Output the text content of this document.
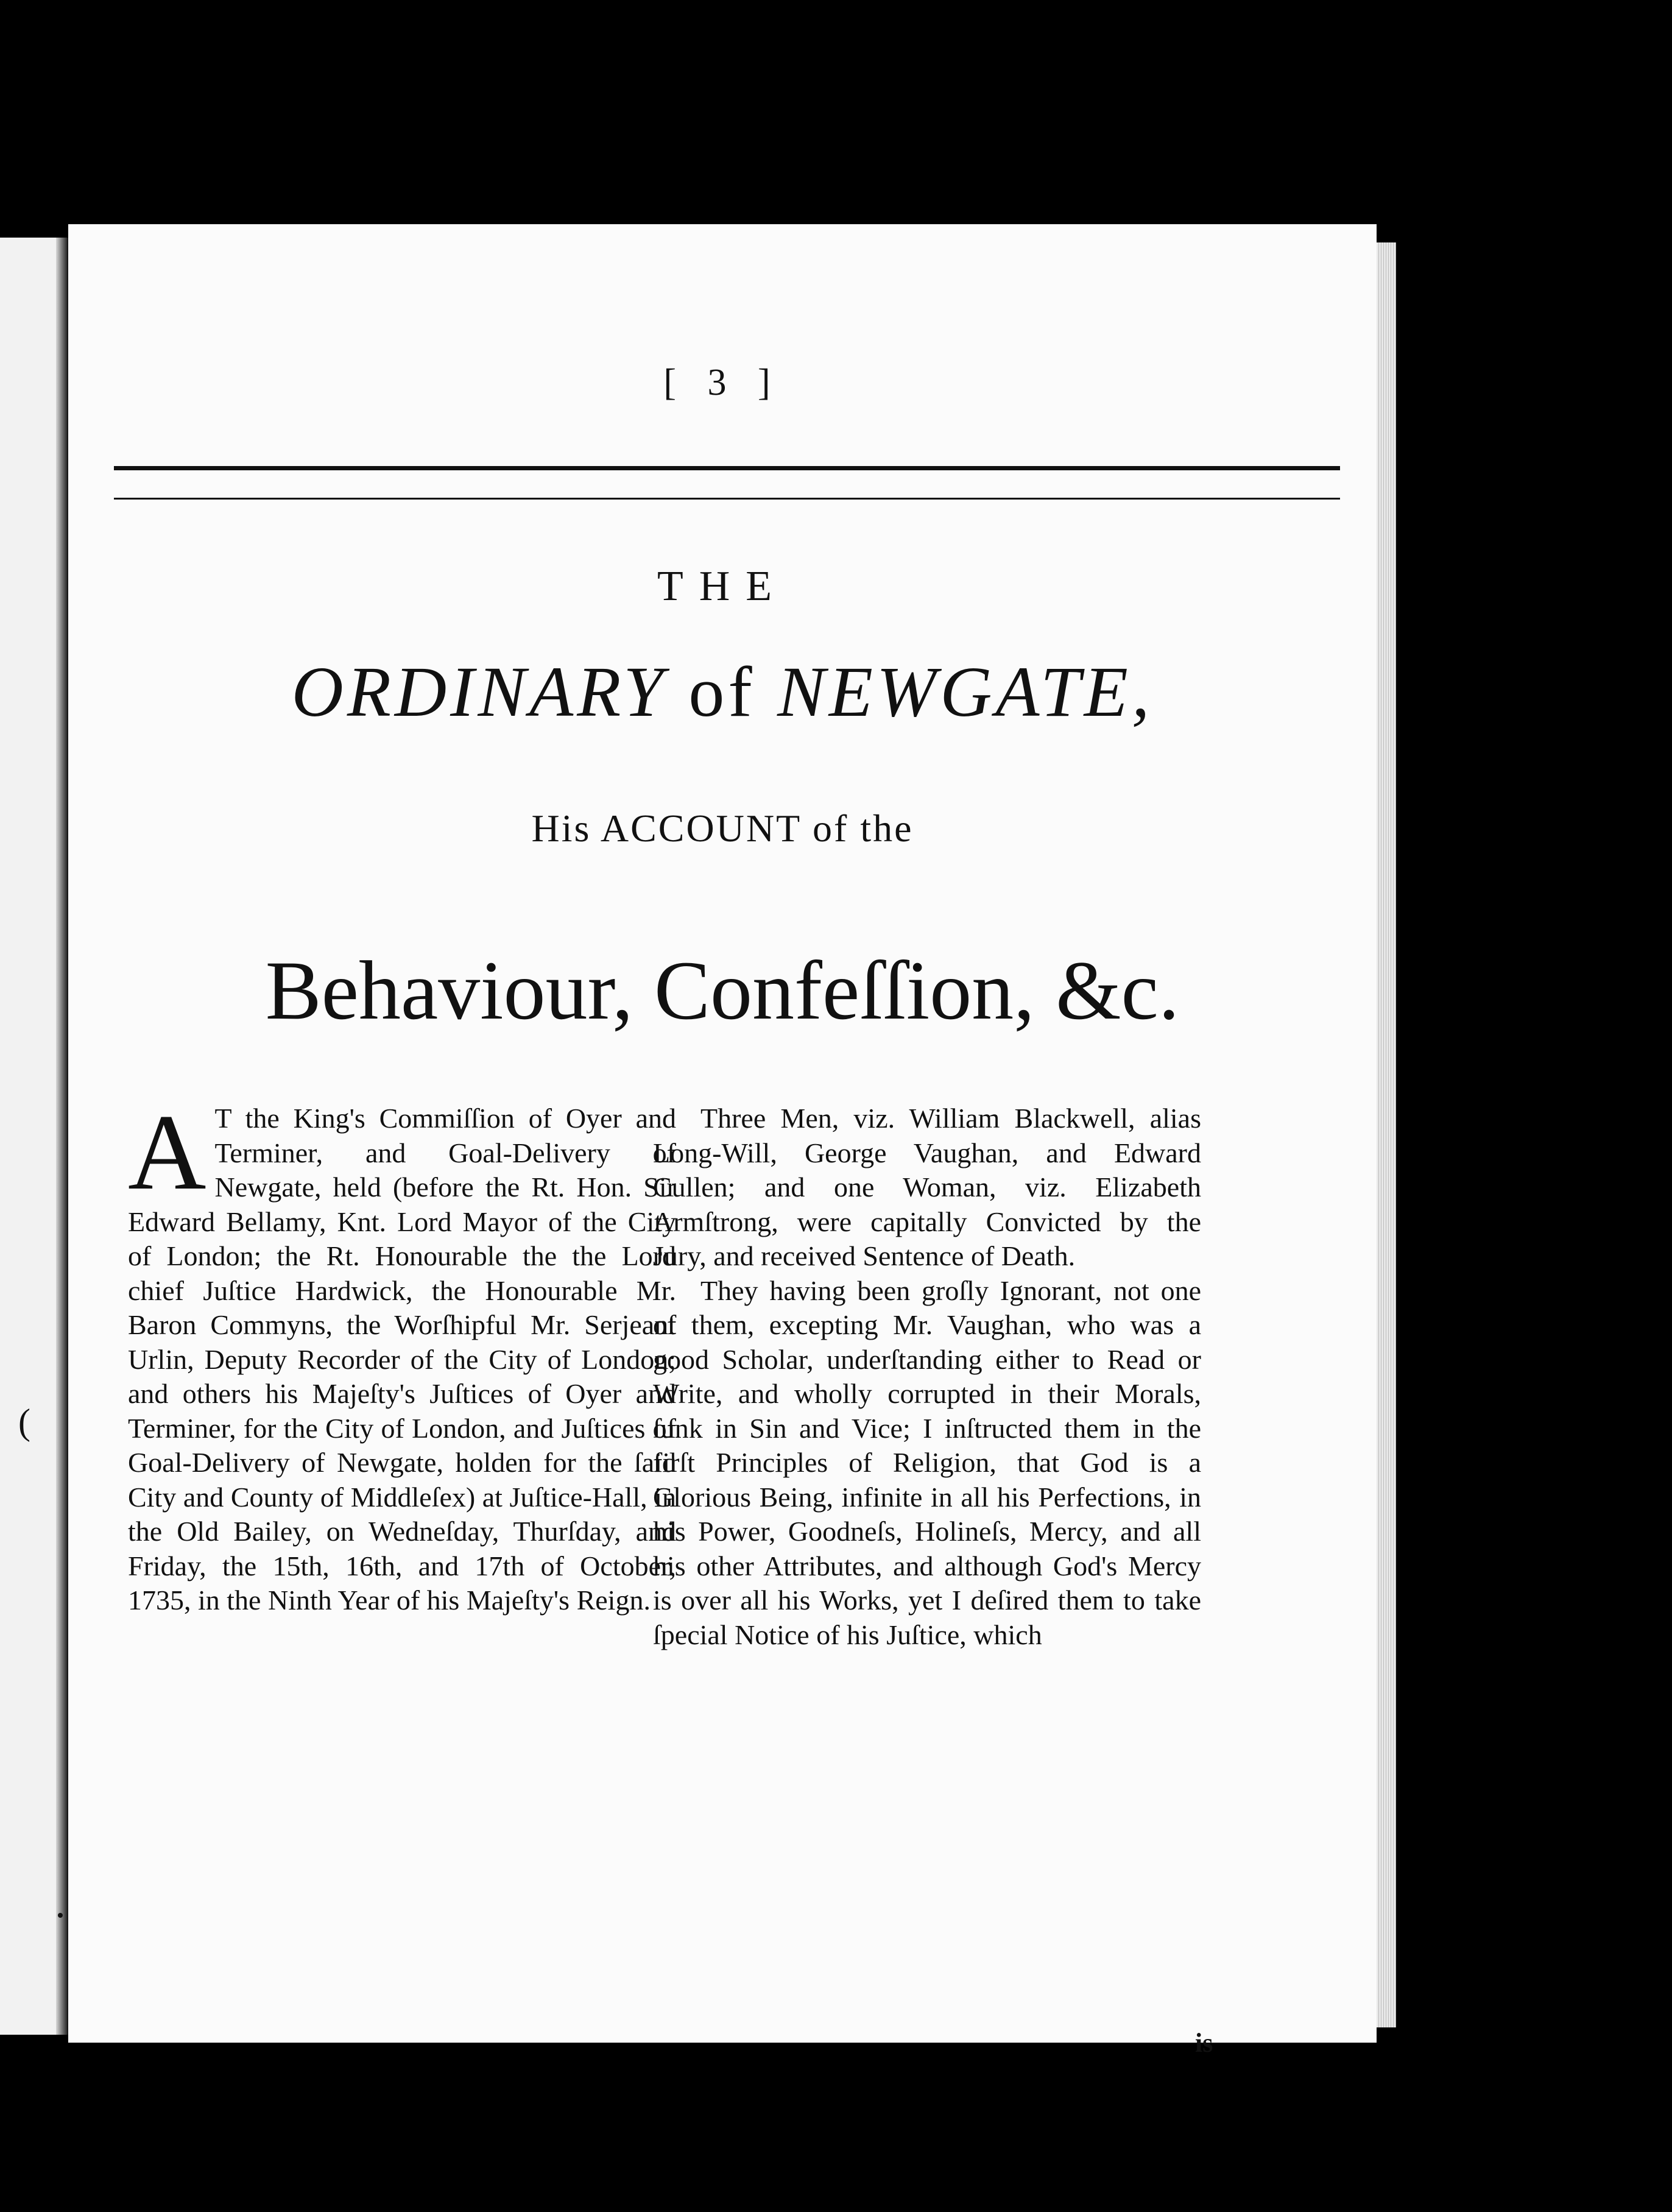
(
[ 3 ]
THE
ORDINARY of NEWGATE,
His ACCOUNT of the
Behaviour, Confeſſion, &c.
A T the King's Commiſſion of Oyer and Terminer, and Goal-Delivery of Newgate, held (before the Rt. Hon. Sir Edward Bellamy, Knt. Lord Mayor of the City of London; the Rt. Honourable the the Lord chief Juſtice Hardwick, the Honourable Mr. Baron Commyns, the Worſhipful Mr. Serjeant Urlin, Deputy Recorder of the City of London; and others his Majeſty's Juſtices of Oyer and Terminer, for the City of London, and Juſtices of Goal-Delivery of Newgate, holden for the ſaid City and County of Middleſex) at Juſtice-Hall, in the Old Bailey, on Wedneſday, Thurſday, and Friday, the 15th, 16th, and 17th of October, 1735, in the Ninth Year of his Majeſty's Reign.

Three Men, viz. William Blackwell, alias Long-Will, George Vaughan, and Edward Cullen; and one Woman, viz. Elizabeth Armſtrong, were capitally Convicted by the Jury, and received Sentence of Death.

They having been groſly Ignorant, not one of them, excepting Mr. Vaughan, who was a good Scholar, underſtanding either to Read or Write, and wholly corrupted in their Morals, ſunk in Sin and Vice; I inſtructed them in the firſt Principles of Religion, that God is a Glorious Being, infinite in all his Perfections, in his Power, Goodneſs, Holineſs, Mercy, and all his other Attributes, and although God's Mercy is over all his Works, yet I deſired them to take ſpecial Notice of his Juſtice, which

is
